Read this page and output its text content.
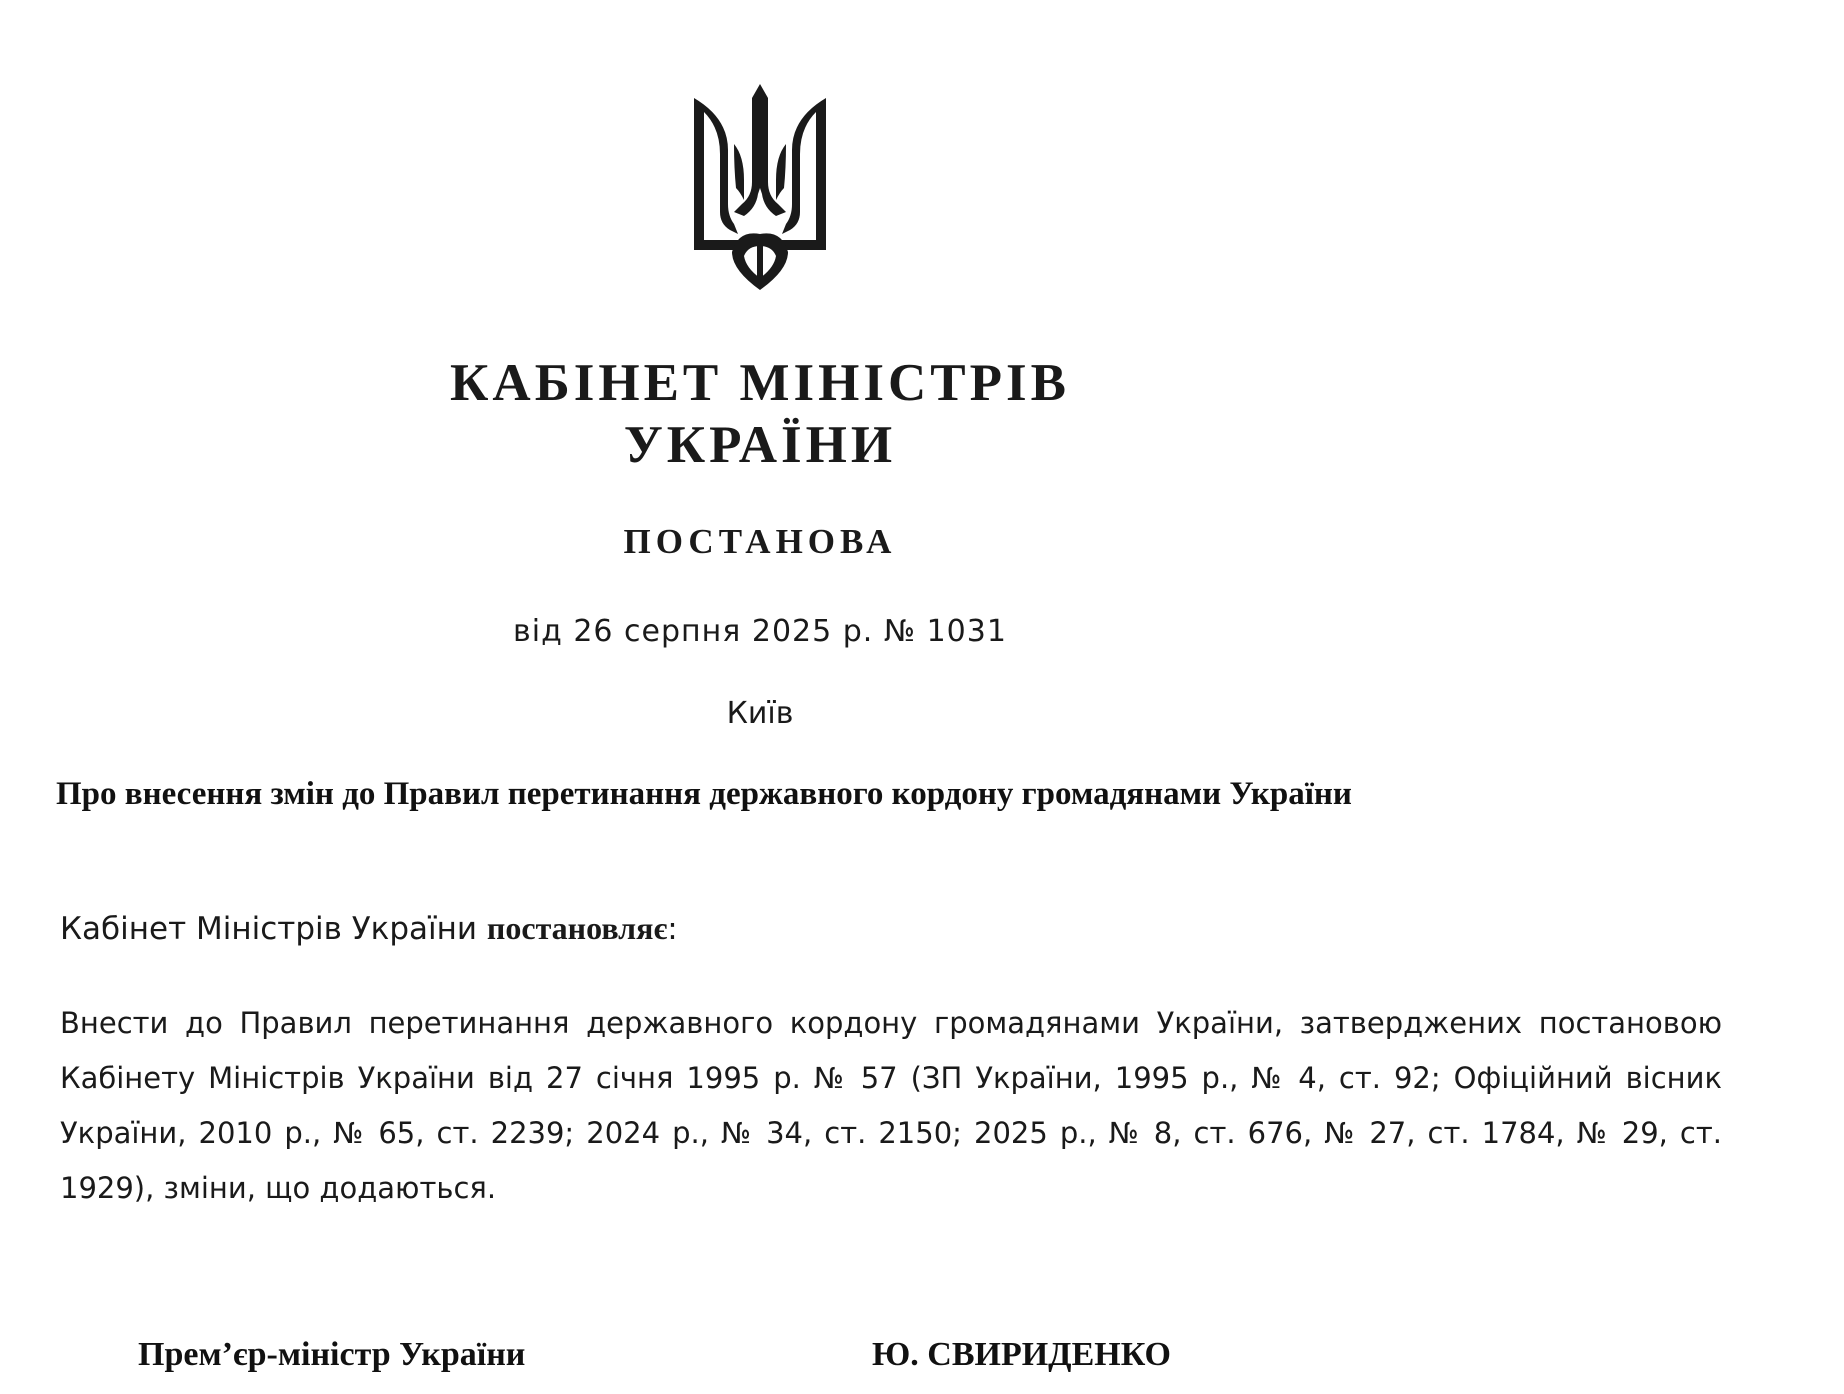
КАБІНЕТ МІНІСТРІВ
УКРАЇНИ
ПОСТАНОВА
від 26 серпня 2025 р. № 1031
Київ
Про внесення змін до Правил перетинання державного кордону громадянами України
Кабінет Міністрів України постановляє:
Внести до Правил перетинання державного кордону громадянами України, затверджених постановою Кабінету Міністрів України від 27 січня 1995 р. № 57 (ЗП України, 1995 р., № 4, ст. 92; Офіційний вісник України, 2010 р., № 65, ст. 2239; 2024 р., № 34, ст. 2150; 2025 р., № 8, ст. 676, № 27, ст. 1784, № 29, ст. 1929), зміни, що додаються.
Прем’єр-міністр України	Ю. СВИРИДЕНКО
